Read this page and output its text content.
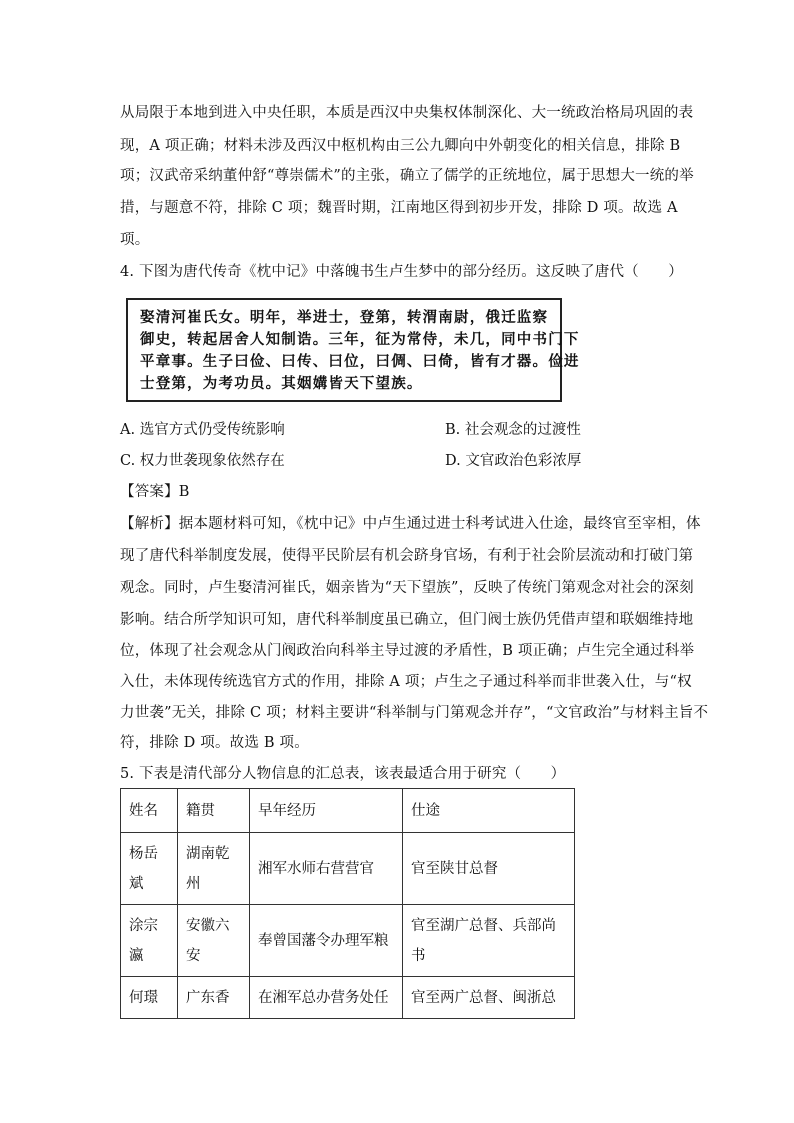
从局限于本地到进入中央任职，本质是西汉中央集权体制深化、大一统政治格局巩固的表
现，A 项正确；材料未涉及西汉中枢机构由三公九卿向中外朝变化的相关信息，排除 B
项；汉武帝采纳董仲舒“尊崇儒术”的主张，确立了儒学的正统地位，属于思想大一统的举
措，与题意不符，排除 C 项；魏晋时期，江南地区得到初步开发，排除 D 项。故选 A
项。
4. 下图为唐代传奇《枕中记》中落魄书生卢生梦中的部分经历。这反映了唐代（　　）
娶清河崔氏女。明年，举进士，登第，转渭南尉，俄迁监察
御史，转起居舍人知制诰。三年，征为常侍，未几，同中书门下
平章事。生子曰俭、曰传、曰位，曰倜、曰倚，皆有才器。俭进
士登第，为考功员。其姻媾皆天下望族。
A. 选官方式仍受传统影响	B. 社会观念的过渡性
C. 权力世袭现象依然存在	D. 文官政治色彩浓厚
【答案】B
【解析】据本题材料可知，《枕中记》中卢生通过进士科考试进入仕途，最终官至宰相，体
现了唐代科举制度发展，使得平民阶层有机会跻身官场，有利于社会阶层流动和打破门第
观念。同时，卢生娶清河崔氏，姻亲皆为“天下望族”，反映了传统门第观念对社会的深刻
影响。结合所学知识可知，唐代科举制度虽已确立，但门阀士族仍凭借声望和联姻维持地
位，体现了社会观念从门阀政治向科举主导过渡的矛盾性，B 项正确；卢生完全通过科举
入仕，未体现传统选官方式的作用，排除 A 项；卢生之子通过科举而非世袭入仕，与“权
力世袭”无关，排除 C 项；材料主要讲“科举制与门第观念并存”，“文官政治”与材料主旨不
符，排除 D 项。故选 B 项。
5. 下表是清代部分人物信息的汇总表，该表最适合用于研究（　　）
姓名	籍贯	早年经历	仕途
杨岳
斌	湖南乾
州	湘军水师右营营官	官至陕甘总督
涂宗
瀛	安徽六
安	奉曾国藩令办理军粮	官至湖广总督、兵部尚
书
何璟	广东香	在湘军总办营务处任	官至两广总督、闽浙总
